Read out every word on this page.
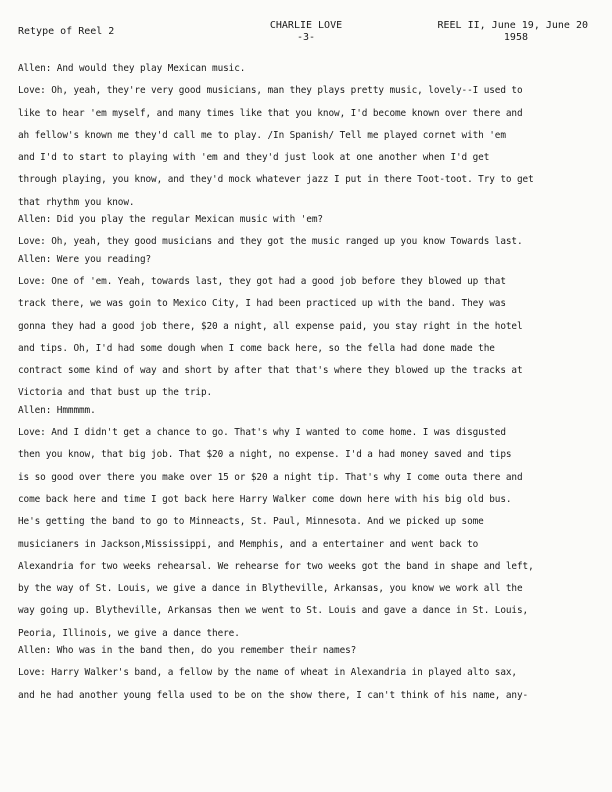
Retype of Reel 2
CHARLIE LOVE
-3-
REEL II, June 19, June 20
1958
Allen: And would they play Mexican music.
Love: Oh, yeah, they're very good musicians, man they plays pretty music, lovely--I used to
like to hear 'em myself, and many times like that you know, I'd become known over there and
ah fellow's known me they'd call me to play. /In Spanish/ Tell me played cornet with 'em
and I'd to start to playing with 'em and they'd just look at one another when I'd get
through playing, you know, and they'd mock whatever jazz I put in there Toot-toot. Try to get
that rhythm you know.
Allen: Did you play the regular Mexican music with 'em?
Love: Oh, yeah, they good musicians and they got the music ranged up you know Towards last.
Allen: Were you reading?
Love: One of 'em. Yeah, towards last, they got had a good job before they blowed up that
track there, we was goin to Mexico City, I had been practiced up with the band. They was
gonna they had a good job there, $20 a night, all expense paid, you stay right in the hotel
and tips. Oh, I'd had some dough when I come back here, so the fella had done made the
contract some kind of way and short by after that that's where they blowed up the tracks at
Victoria and that bust up the trip.
Allen: Hmmmmm.
Love: And I didn't get a chance to go. That's why I wanted to come home. I was disgusted
then you know, that big job. That $20 a night, no expense. I'd a had money saved and tips
is so good over there you make over 15 or $20 a night tip. That's why I come outa there and
come back here and time I got back here Harry Walker come down here with his big old bus.
He's getting the band to go to Minneacts, St. Paul, Minnesota. And we picked up some
musicianers in Jackson,Mississippi, and Memphis, and a entertainer and went back to
Alexandria for two weeks rehearsal. We rehearse for two weeks got the band in shape and left,
by the way of St. Louis, we give a dance in Blytheville, Arkansas, you know we work all the
way going up. Blytheville, Arkansas then we went to St. Louis and gave a dance in St. Louis,
Peoria, Illinois, we give a dance there.
Allen: Who was in the band then, do you remember their names?
Love: Harry Walker's band, a fellow by the name of wheat in Alexandria in played alto sax,
and he had another young fella used to be on the show there, I can't think of his name, any-
